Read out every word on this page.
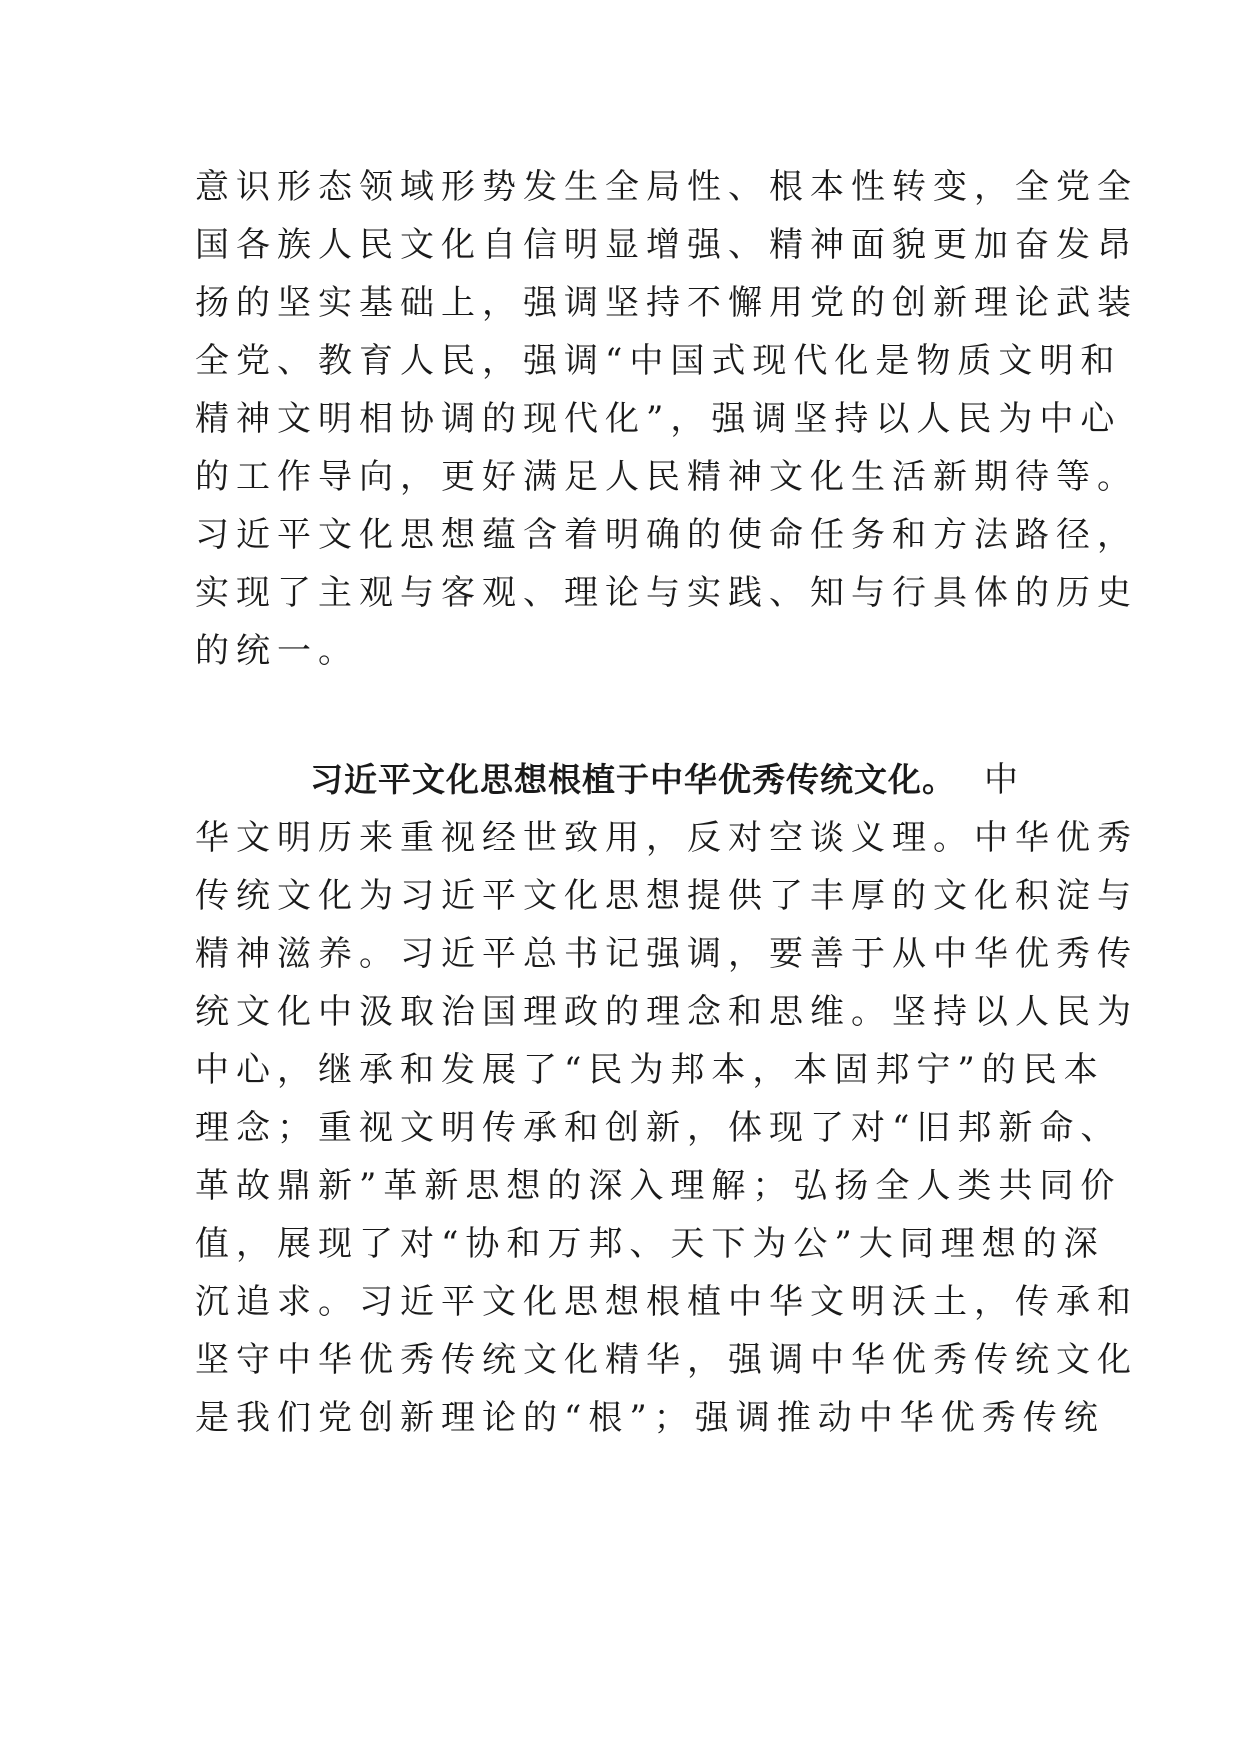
意识形态领域形势发生全局性、根本性转变，全党全
国各族人民文化自信明显增强、精神面貌更加奋发昂
扬的坚实基础上，强调坚持不懈用党的创新理论武装
全党、教育人民，强调“中国式现代化是物质文明和
精神文明相协调的现代化”，强调坚持以人民为中心
的工作导向，更好满足人民精神文化生活新期待等。
习近平文化思想蕴含着明确的使命任务和方法路径，
实现了主观与客观、理论与实践、知与行具体的历史
的统一。
习近平文化思想根植于中华优秀传统文化。 中
华文明历来重视经世致用，反对空谈义理。中华优秀
传统文化为习近平文化思想提供了丰厚的文化积淀与
精神滋养。习近平总书记强调，要善于从中华优秀传
统文化中汲取治国理政的理念和思维。坚持以人民为
中心，继承和发展了“民为邦本，本固邦宁”的民本
理念；重视文明传承和创新，体现了对“旧邦新命、
革故鼎新”革新思想的深入理解；弘扬全人类共同价
值，展现了对“协和万邦、天下为公”大同理想的深
沉追求。习近平文化思想根植中华文明沃土，传承和
坚守中华优秀传统文化精华，强调中华优秀传统文化
是我们党创新理论的“根”；强调推动中华优秀传统
